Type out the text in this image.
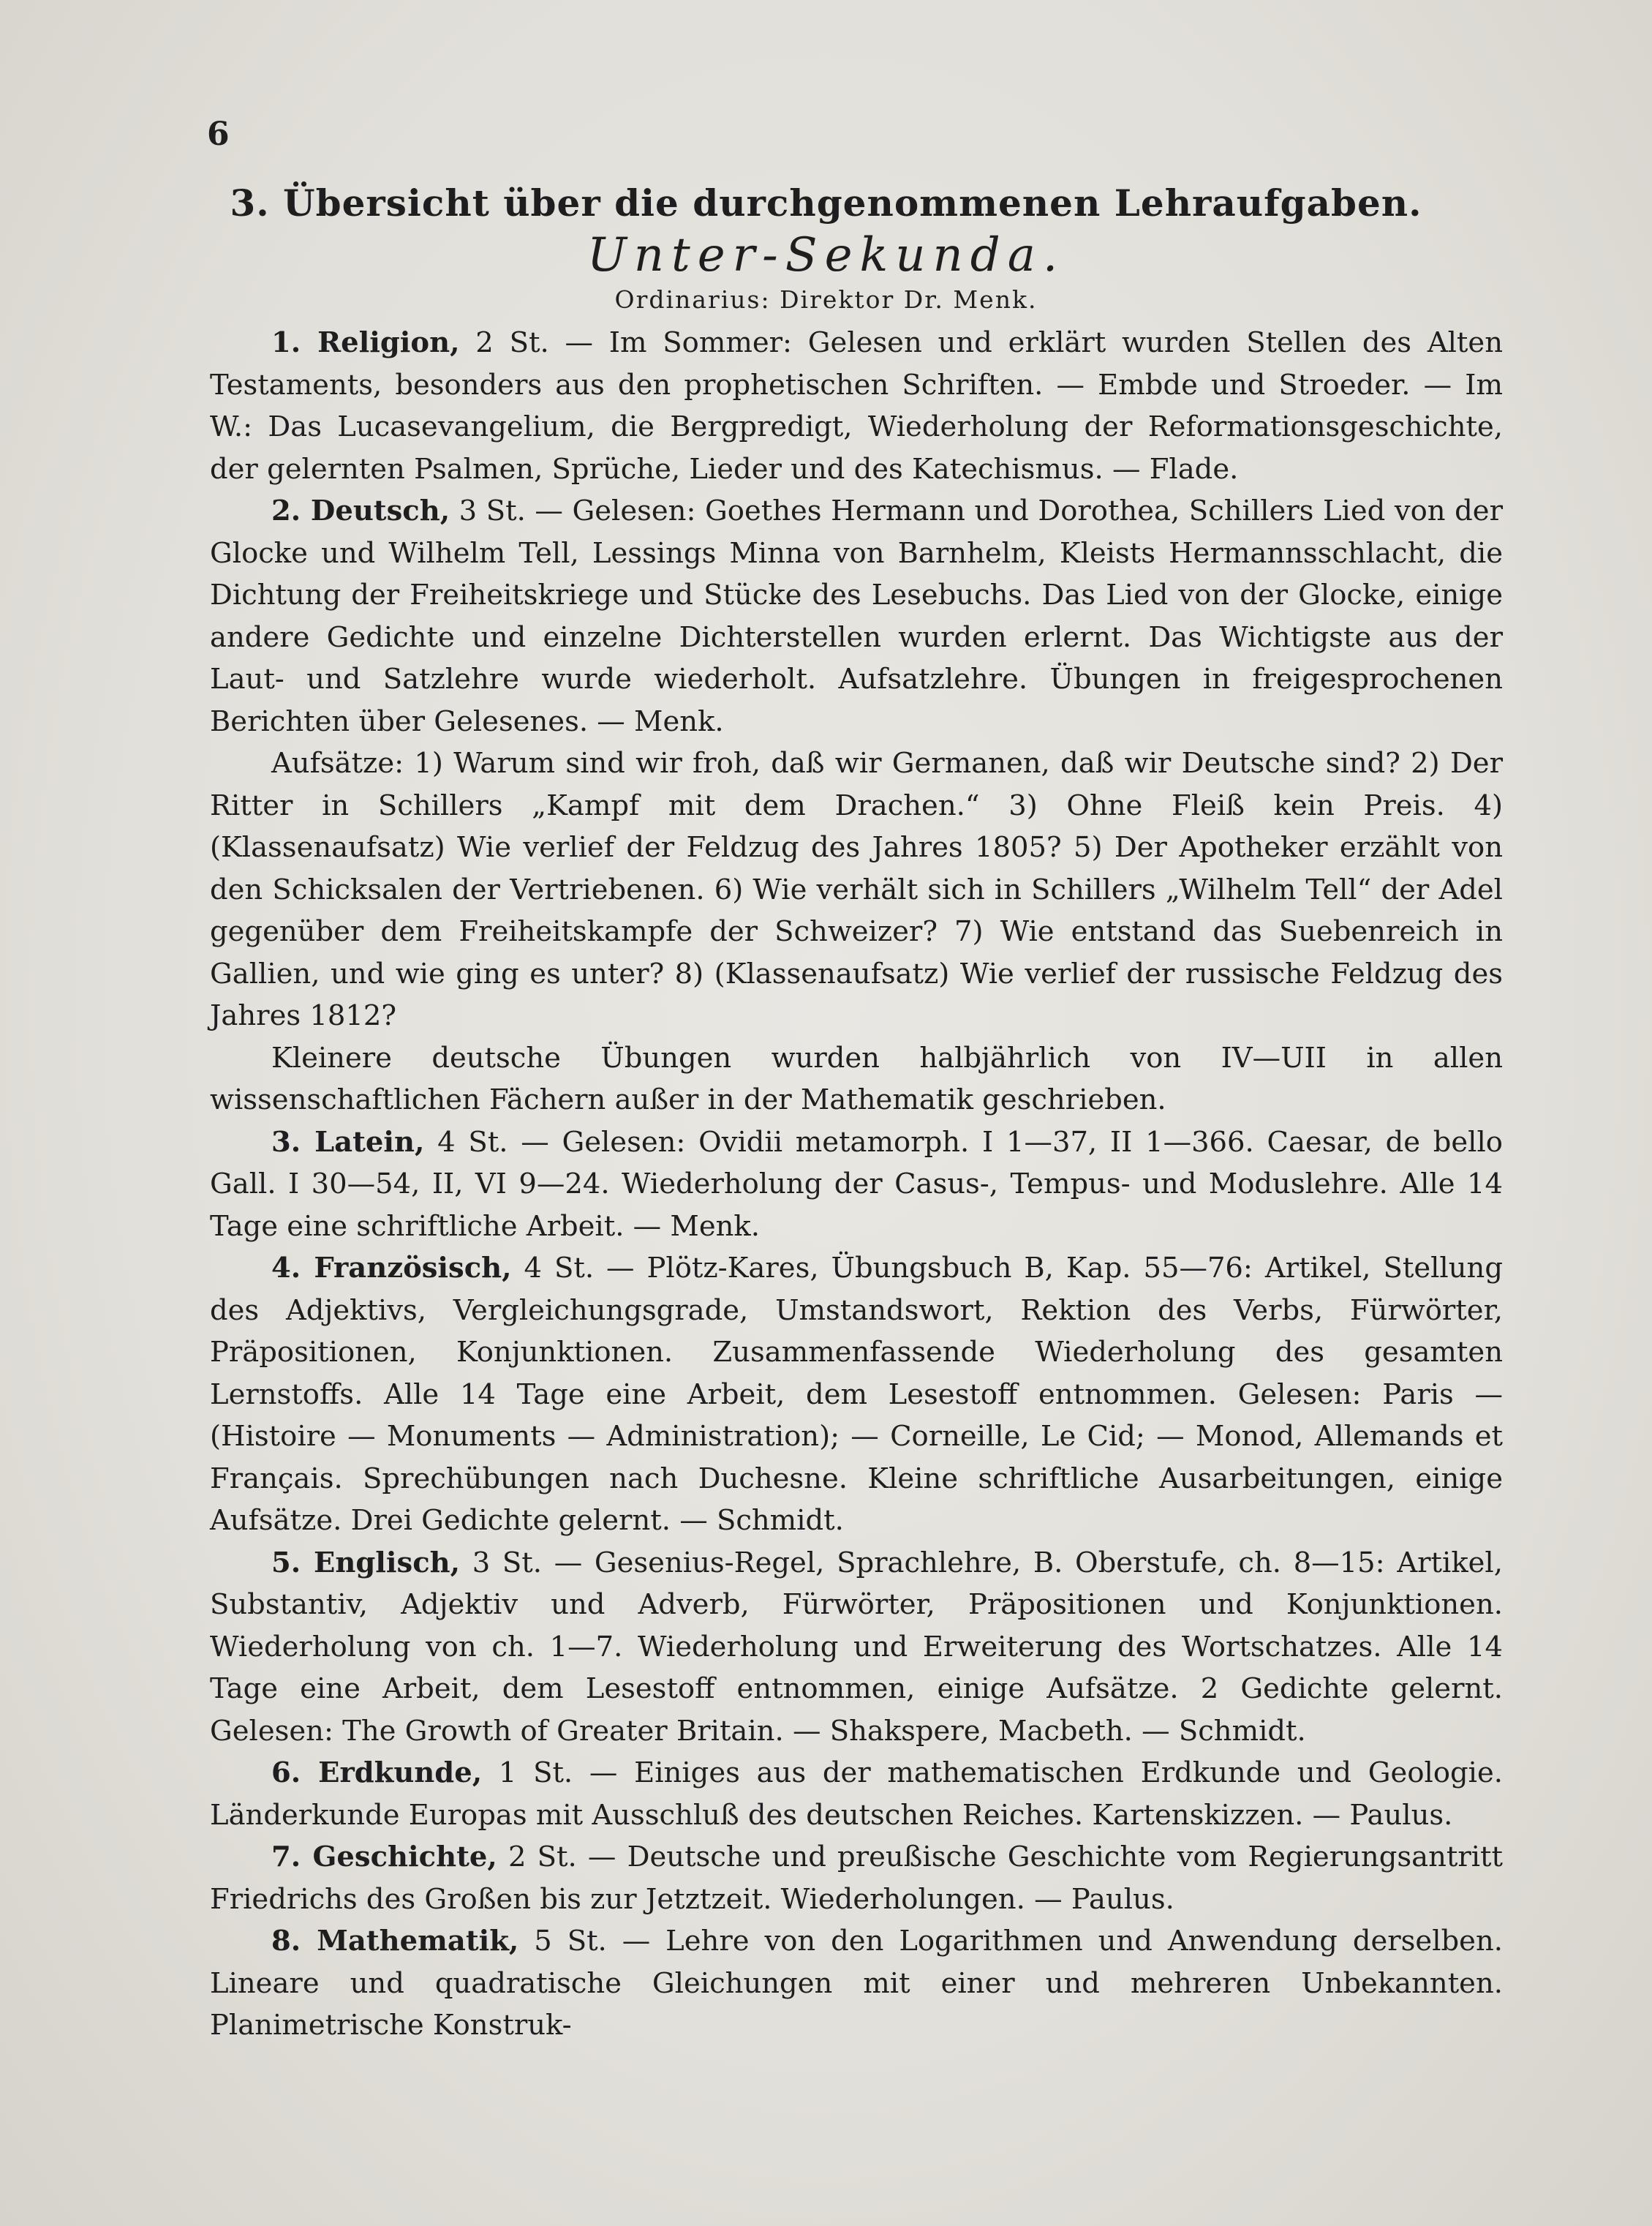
6
3. Übersicht über die durchgenommenen Lehraufgaben.
Unter-Sekunda.
Ordinarius: Direktor Dr. Menk.

1. Religion, 2 St. — Im Sommer: Gelesen und erklärt wurden Stellen des Alten Testaments, besonders aus den prophetischen Schriften. — Embde und Stroeder. — Im W.: Das Lucasevangelium, die Bergpredigt, Wiederholung der Reformationsgeschichte, der gelernten Psalmen, Sprüche, Lieder und des Katechismus. — Flade.

2. Deutsch, 3 St. — Gelesen: Goethes Hermann und Dorothea, Schillers Lied von der Glocke und Wilhelm Tell, Lessings Minna von Barnhelm, Kleists Hermannsschlacht, die Dichtung der Freiheitskriege und Stücke des Lesebuchs. Das Lied von der Glocke, einige andere Gedichte und einzelne Dichterstellen wurden erlernt. Das Wichtigste aus der Laut- und Satzlehre wurde wiederholt. Aufsatzlehre. Übungen in freigesprochenen Berichten über Gelesenes. — Menk.

Aufsätze: 1) Warum sind wir froh, daß wir Germanen, daß wir Deutsche sind? 2) Der Ritter in Schillers „Kampf mit dem Drachen.“ 3) Ohne Fleiß kein Preis. 4) (Klassenaufsatz) Wie verlief der Feldzug des Jahres 1805? 5) Der Apotheker erzählt von den Schicksalen der Vertriebenen. 6) Wie verhält sich in Schillers „Wilhelm Tell“ der Adel gegenüber dem Freiheitskampfe der Schweizer? 7) Wie entstand das Suebenreich in Gallien, und wie ging es unter? 8) (Klassenaufsatz) Wie verlief der russische Feldzug des Jahres 1812?

Kleinere deutsche Übungen wurden halbjährlich von IV—UII in allen wissenschaftlichen Fächern außer in der Mathematik geschrieben.

3. Latein, 4 St. — Gelesen: Ovidii metamorph. I 1—37, II 1—366. Caesar, de bello Gall. I 30—54, II, VI 9—24. Wiederholung der Casus-, Tempus- und Moduslehre. Alle 14 Tage eine schriftliche Arbeit. — Menk.

4. Französisch, 4 St. — Plötz-Kares, Übungsbuch B, Kap. 55—76: Artikel, Stellung des Adjektivs, Vergleichungsgrade, Umstandswort, Rektion des Verbs, Fürwörter, Präpositionen, Konjunktionen. Zusammenfassende Wiederholung des gesamten Lernstoffs. Alle 14 Tage eine Arbeit, dem Lesestoff entnommen. Gelesen: Paris — (Histoire — Monuments — Administration); — Corneille, Le Cid; — Monod, Allemands et Français. Sprechübungen nach Duchesne. Kleine schriftliche Ausarbeitungen, einige Aufsätze. Drei Gedichte gelernt. — Schmidt.

5. Englisch, 3 St. — Gesenius-Regel, Sprachlehre, B. Oberstufe, ch. 8—15: Artikel, Substantiv, Adjektiv und Adverb, Fürwörter, Präpositionen und Konjunktionen. Wiederholung von ch. 1—7. Wiederholung und Erweiterung des Wortschatzes. Alle 14 Tage eine Arbeit, dem Lesestoff entnommen, einige Aufsätze. 2 Gedichte gelernt. Gelesen: The Growth of Greater Britain. — Shakspere, Macbeth. — Schmidt.

6. Erdkunde, 1 St. — Einiges aus der mathematischen Erdkunde und Geologie. Länderkunde Europas mit Ausschluß des deutschen Reiches. Kartenskizzen. — Paulus.

7. Geschichte, 2 St. — Deutsche und preußische Geschichte vom Regierungsantritt Friedrichs des Großen bis zur Jetztzeit. Wiederholungen. — Paulus.

8. Mathematik, 5 St. — Lehre von den Logarithmen und Anwendung derselben. Lineare und quadratische Gleichungen mit einer und mehreren Unbekannten. Planimetrische Konstruk-
